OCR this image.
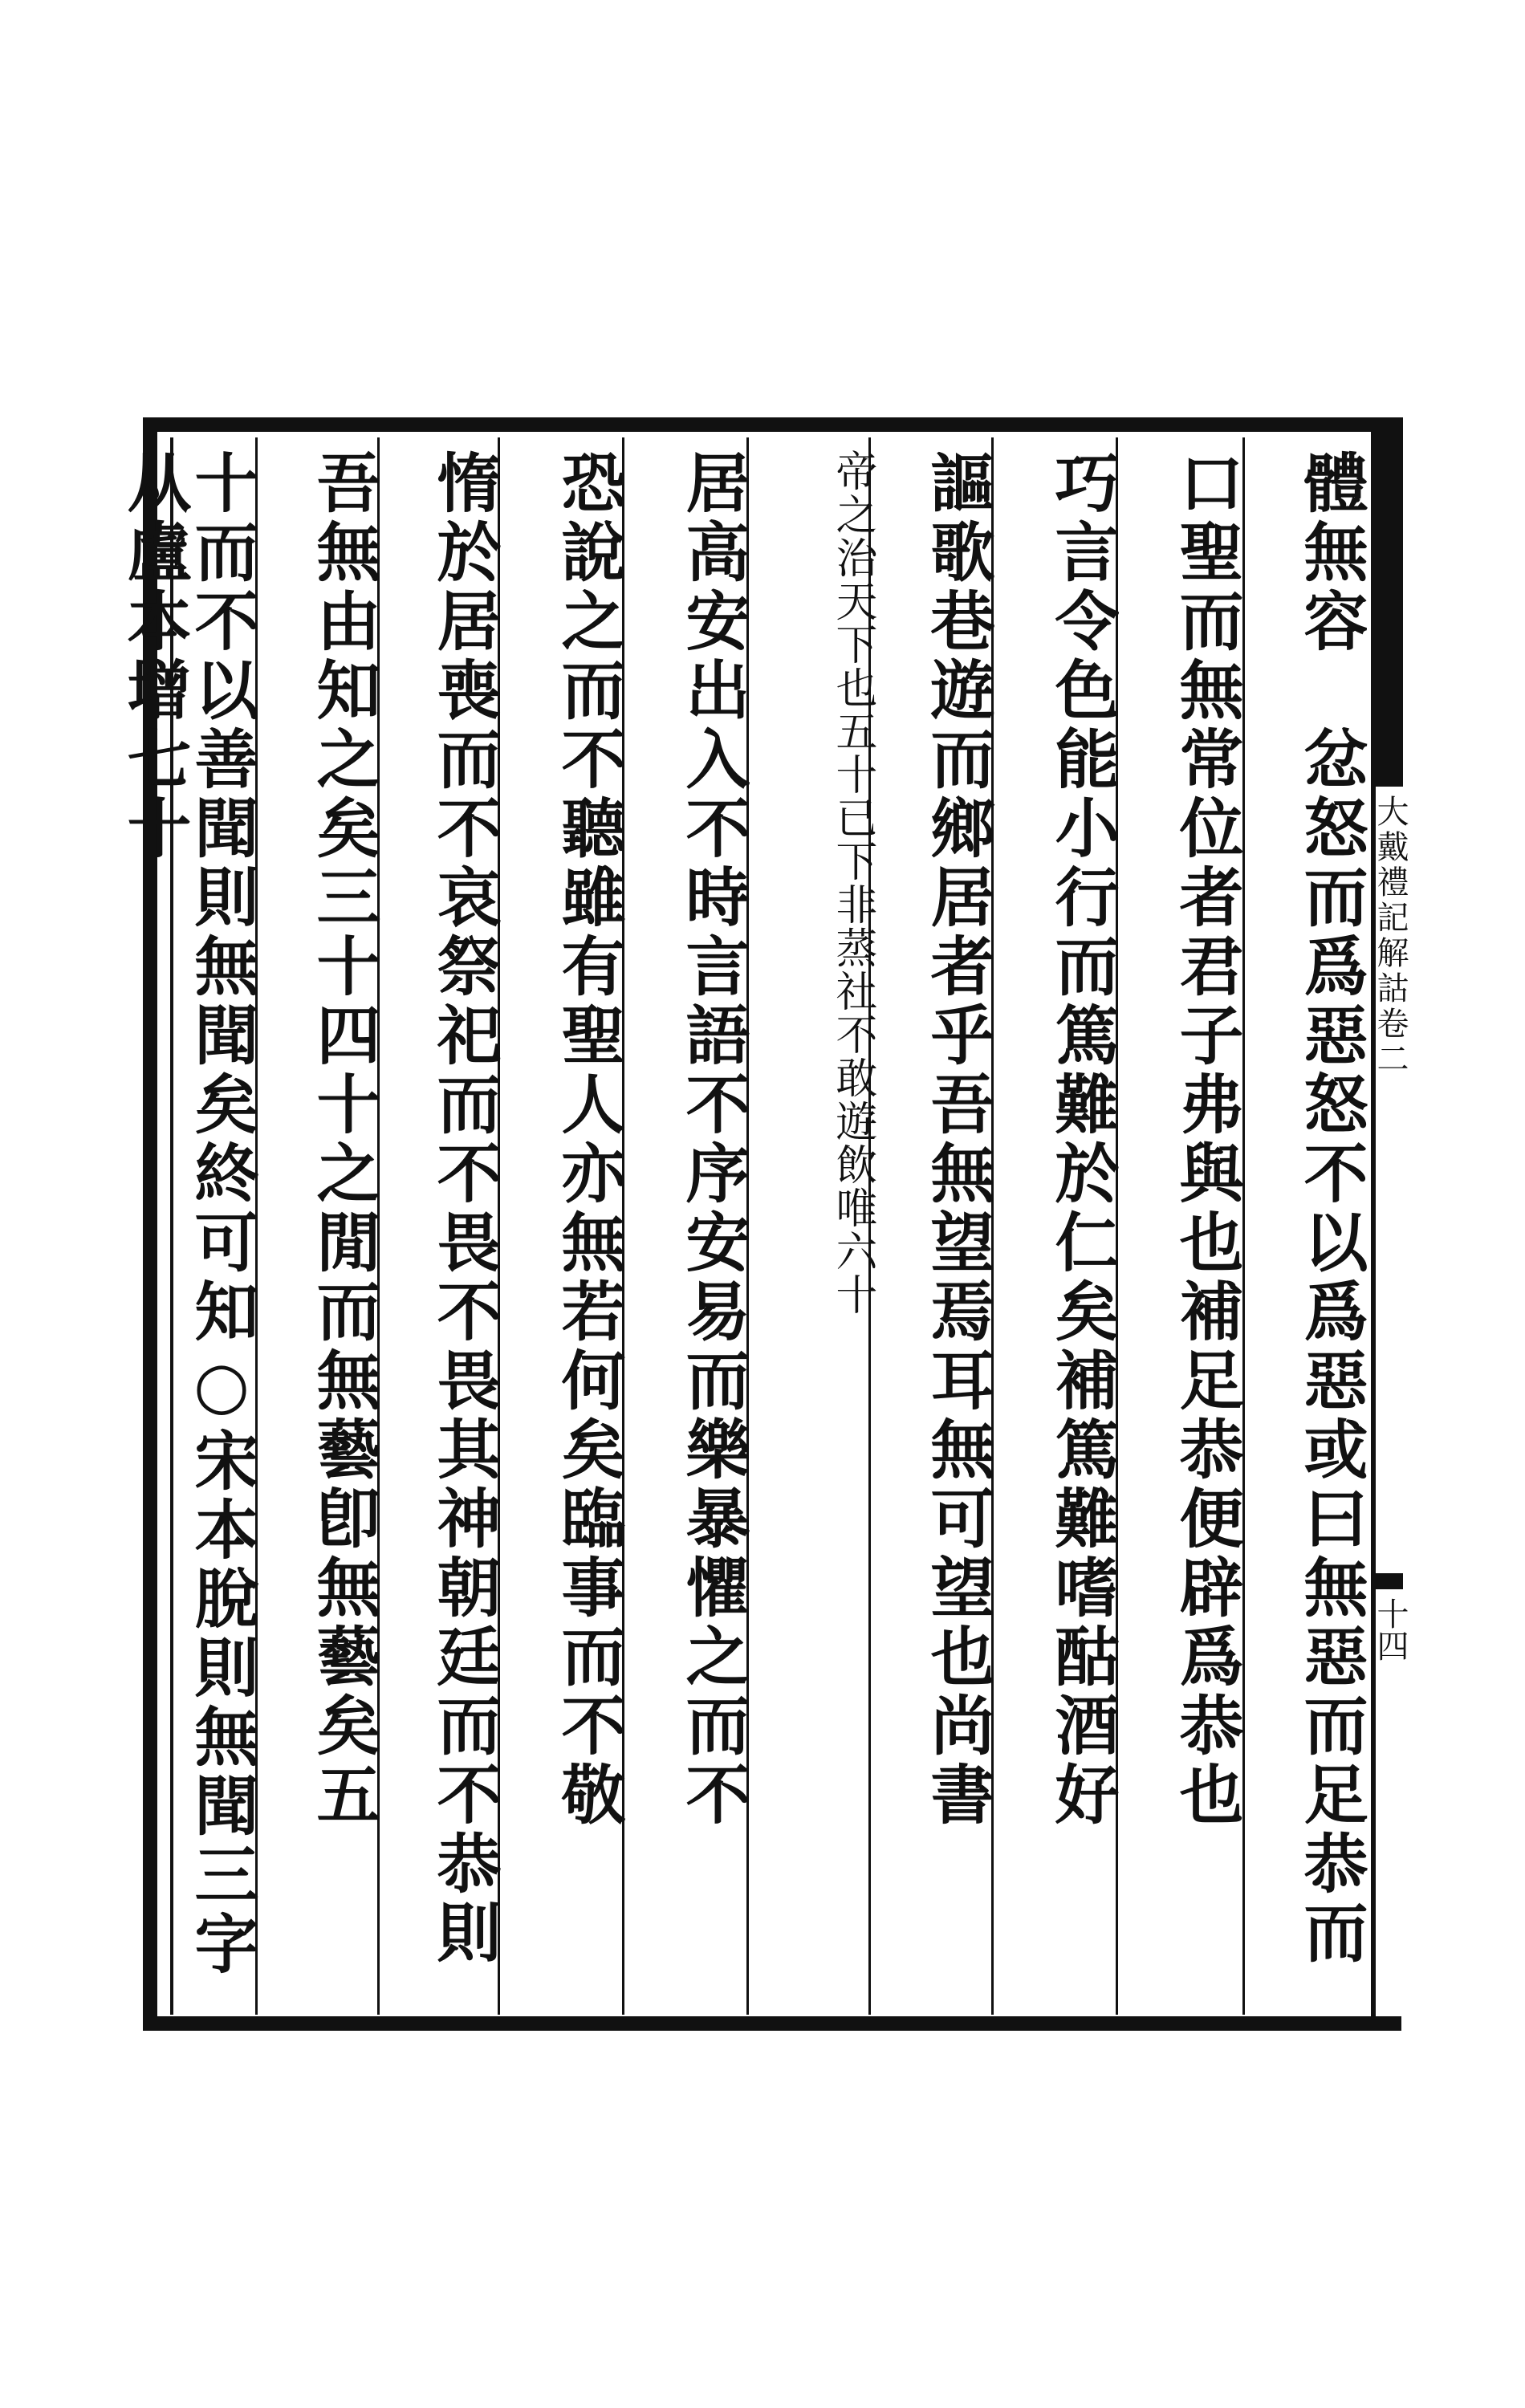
大戴禮記解詁卷二
十四
體無容　忿怒而爲惡怒不以爲惡或曰無惡而足恭而
口聖而無常位者君子弗與也補足恭便辟爲恭也
巧言令色能小行而篤難於仁矣補篤難嗜酤酒好
謳歌巷遊而鄉居者乎吾無望焉耳無可望也尚書
帝之治天下也五十已下非蒸社不敢遊飲唯六十
居高安出入不時言語不序安易而樂暴懼之而不
恐說之而不聽雖有聖人亦無若何矣臨事而不敬
惰於居喪而不哀祭祀而不畏不畏其神朝廷而不恭則
吾無由知之矣三十四十之閒而無藝卽無藝矣五
十而不以善聞則無聞矣終可知○宋本脫則無聞三字从盧本增七十
